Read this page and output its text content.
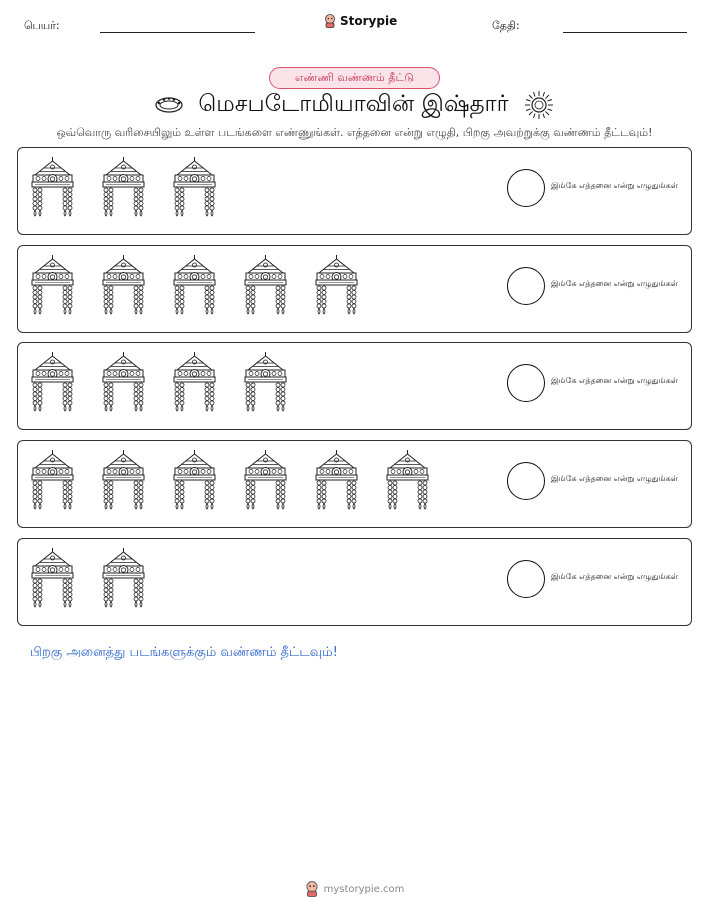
பெயர்:	Storypie	தேதி:
எண்ணி வண்ணம் தீட்டு
மெசபடோமியாவின் இஷ்தார்
ஒவ்வொரு வரிசையிலும் உள்ள படங்களை எண்ணுங்கள். எத்தனை என்று எழுதி, பிறகு அவற்றுக்கு வண்ணம் தீட்டவும்!
இங்கே எத்தனை என்று எழுதுங்கள்
இங்கே எத்தனை என்று எழுதுங்கள்
இங்கே எத்தனை என்று எழுதுங்கள்
இங்கே எத்தனை என்று எழுதுங்கள்
இங்கே எத்தனை என்று எழுதுங்கள்
பிறகு அனைத்து படங்களுக்கும் வண்ணம் தீட்டவும்!
mystorypie.com
